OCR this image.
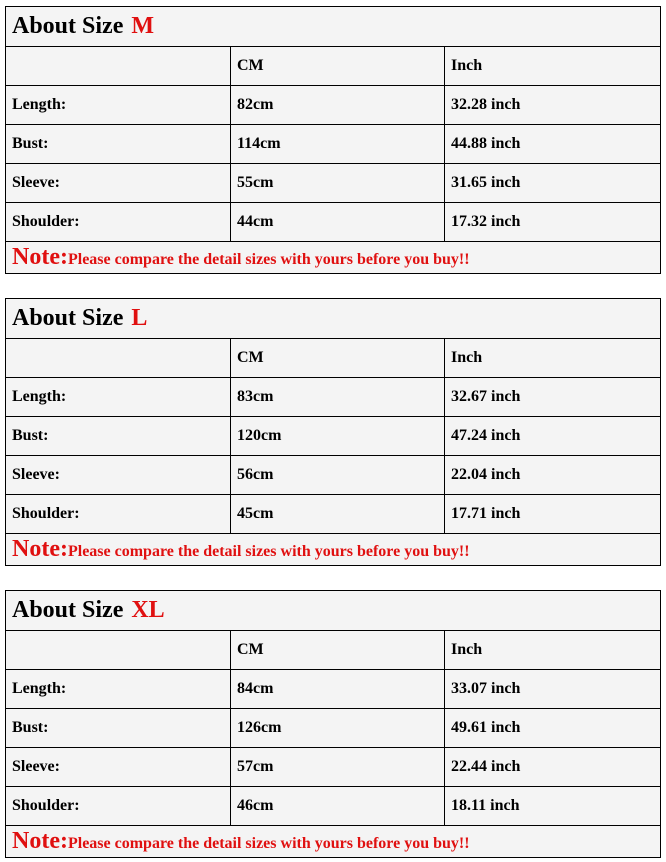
About Size M
CM	Inch
Length:	82cm	32.28 inch
Bust:	114cm	44.88 inch
Sleeve:	55cm	31.65 inch
Shoulder:	44cm	17.32 inch
Note: Please compare the detail sizes with yours before you buy!!
About Size L
CM	Inch
Length:	83cm	32.67 inch
Bust:	120cm	47.24 inch
Sleeve:	56cm	22.04 inch
Shoulder:	45cm	17.71 inch
Note: Please compare the detail sizes with yours before you buy!!
About Size XL
CM	Inch
Length:	84cm	33.07 inch
Bust:	126cm	49.61 inch
Sleeve:	57cm	22.44 inch
Shoulder:	46cm	18.11 inch
Note: Please compare the detail sizes with yours before you buy!!
